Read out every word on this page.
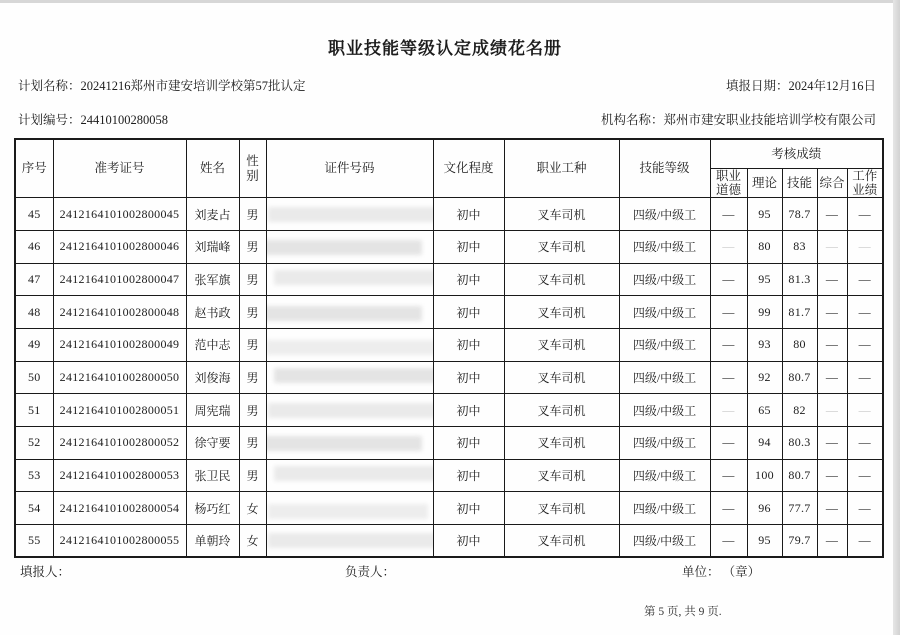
职业技能等级认定成绩花名册
计划名称：20241216郑州市建安培训学校第57批认定	填报日期：2024年12月16日
计划编号：24410100280058	机构名称：郑州市建安职业技能培训学校有限公司
序号	准考证号	姓名	性别	证件号码	文化程度	职业工种	技能等级	考核成绩				
								职业道德	理论	技能	综合	工作业绩
45	2412164101002800045	刘麦占	男		初中	叉车司机	四级/中级工	—	95	78.7	—	—
46	2412164101002800046	刘瑞峰	男		初中	叉车司机	四级/中级工	—	80	83	—	—
47	2412164101002800047	张军旗	男		初中	叉车司机	四级/中级工	—	95	81.3	—	—
48	2412164101002800048	赵书政	男		初中	叉车司机	四级/中级工	—	99	81.7	—	—
49	2412164101002800049	范中志	男		初中	叉车司机	四级/中级工	—	93	80	—	—
50	2412164101002800050	刘俊海	男		初中	叉车司机	四级/中级工	—	92	80.7	—	—
51	2412164101002800051	周宪瑞	男		初中	叉车司机	四级/中级工	—	65	82	—	—
52	2412164101002800052	徐守要	男		初中	叉车司机	四级/中级工	—	94	80.3	—	—
53	2412164101002800053	张卫民	男		初中	叉车司机	四级/中级工	—	100	80.7	—	—
54	2412164101002800054	杨巧红	女		初中	叉车司机	四级/中级工	—	96	77.7	—	—
55	2412164101002800055	单朝玲	女		初中	叉车司机	四级/中级工	—	95	79.7	—	—
填报人：	负责人：	单位： （章）
第 5 页, 共 9 页.
